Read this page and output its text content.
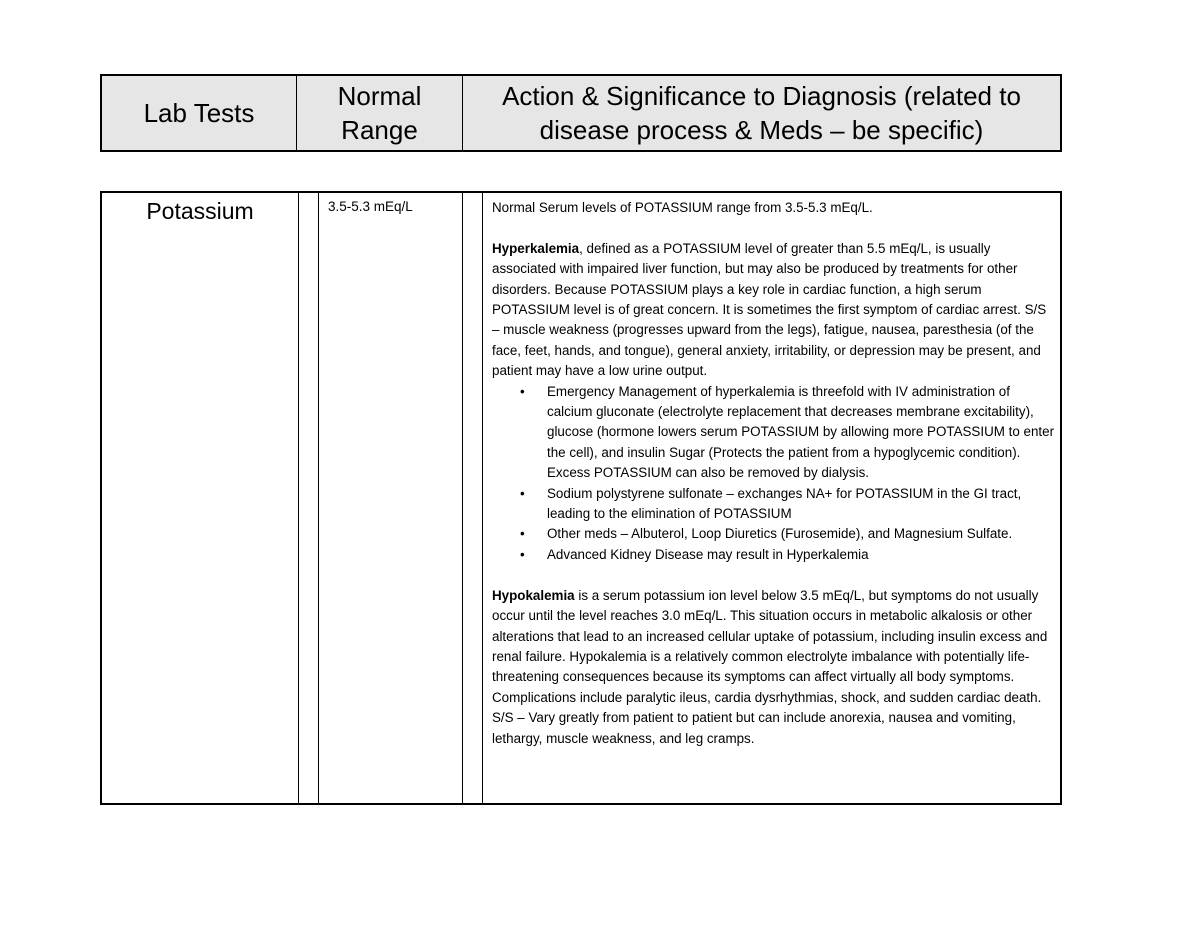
Lab Tests
Normal
Range
Action & Significance to Diagnosis (related to
disease process & Meds – be specific)
Potassium	3.5-5.3 mEq/L	Normal Serum levels of POTASSIUM range from 3.5-5.3 mEq/L.

Hyperkalemia, defined as a POTASSIUM level of greater than 5.5 mEq/L, is usually associated with impaired liver function, but may also be produced by treatments for other disorders. Because POTASSIUM plays a key role in cardiac function, a high serum POTASSIUM level is of great concern. It is sometimes the first symptom of cardiac arrest. S/S – muscle weakness (progresses upward from the legs), fatigue, nausea, paresthesia (of the face, feet, hands, and tongue), general anxiety, irritability, or depression may be present, and patient may have a low urine output.

• Emergency Management of hyperkalemia is threefold with IV administration of calcium gluconate (electrolyte replacement that decreases membrane excitability), glucose (hormone lowers serum POTASSIUM by allowing more POTASSIUM to enter the cell), and insulin Sugar (Protects the patient from a hypoglycemic condition). Excess POTASSIUM can also be removed by dialysis.
• Sodium polystyrene sulfonate – exchanges NA+ for POTASSIUM in the GI tract, leading to the elimination of POTASSIUM
• Other meds – Albuterol, Loop Diuretics (Furosemide), and Magnesium Sulfate.
• Advanced Kidney Disease may result in Hyperkalemia

Hypokalemia is a serum potassium ion level below 3.5 mEq/L, but symptoms do not usually occur until the level reaches 3.0 mEq/L. This situation occurs in metabolic alkalosis or other alterations that lead to an increased cellular uptake of potassium, including insulin excess and renal failure. Hypokalemia is a relatively common electrolyte imbalance with potentially life-threatening consequences because its symptoms can affect virtually all body symptoms. Complications include paralytic ileus, cardia dysrhythmias, shock, and sudden cardiac death. S/S – Vary greatly from patient to patient but can include anorexia, nausea and vomiting, lethargy, muscle weakness, and leg cramps.
